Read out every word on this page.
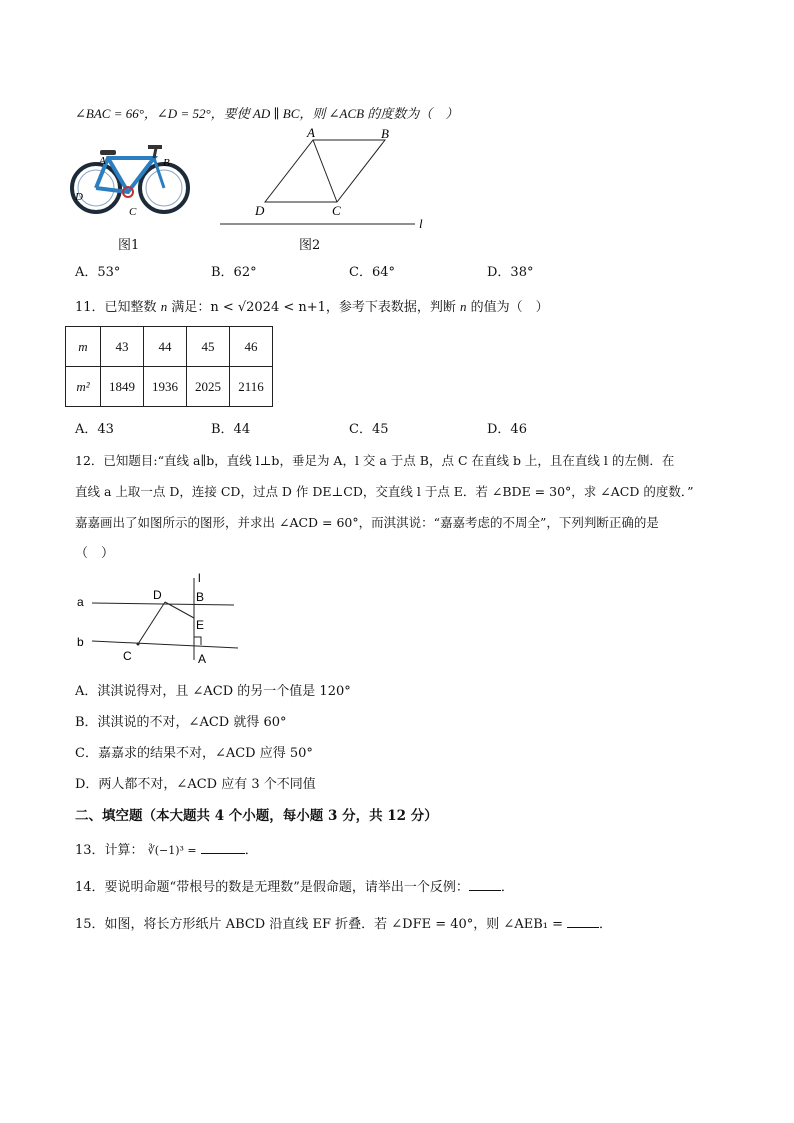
∠BAC = 66°，∠D = 52°，要使 AD ∥ BC，则 ∠ACB 的度数为（　）
A	B
C
D
图1
A	B
C
D
l
图2
A．53°	B．62°	C．64°	D．38°
11．已知整数 n 满足：n < √2024 < n+1，参考下表数据，判断 n 的值为（　）
m	43	44	45	46
m²	1849	1936	2025	2116
A．43	B．44	C．45	D．46
12．已知题目:“直线 a∥b，直线 l⊥b，垂足为 A，l 交 a 于点 B，点 C 在直线 b 上，且在直线 l 的左侧．在
直线 a 上取一点 D，连接 CD，过点 D 作 DE⊥CD，交直线 l 于点 E．若 ∠BDE = 30°，求 ∠ACD 的度数．”
嘉嘉画出了如图所示的图形，并求出 ∠ACD = 60°，而淇淇说：“嘉嘉考虑的不周全”，下列判断正确的是
（　）
a
b
l
D	B
E
C	A
A．淇淇说得对，且 ∠ACD 的另一个值是 120°
B．淇淇说的不对，∠ACD 就得 60°
C．嘉嘉求的结果不对，∠ACD 应得 50°
D．两人都不对，∠ACD 应有 3 个不同值
二、填空题（本大题共 4 个小题，每小题 3 分，共 12 分）
13．计算： ∛(−1)³ =	．
14．要说明命题“带根号的数是无理数”是假命题，请举出一个反例： ．
15．如图，将长方形纸片 ABCD 沿直线 EF 折叠．若 ∠DFE = 40°，则 ∠AEB₁ =	．
